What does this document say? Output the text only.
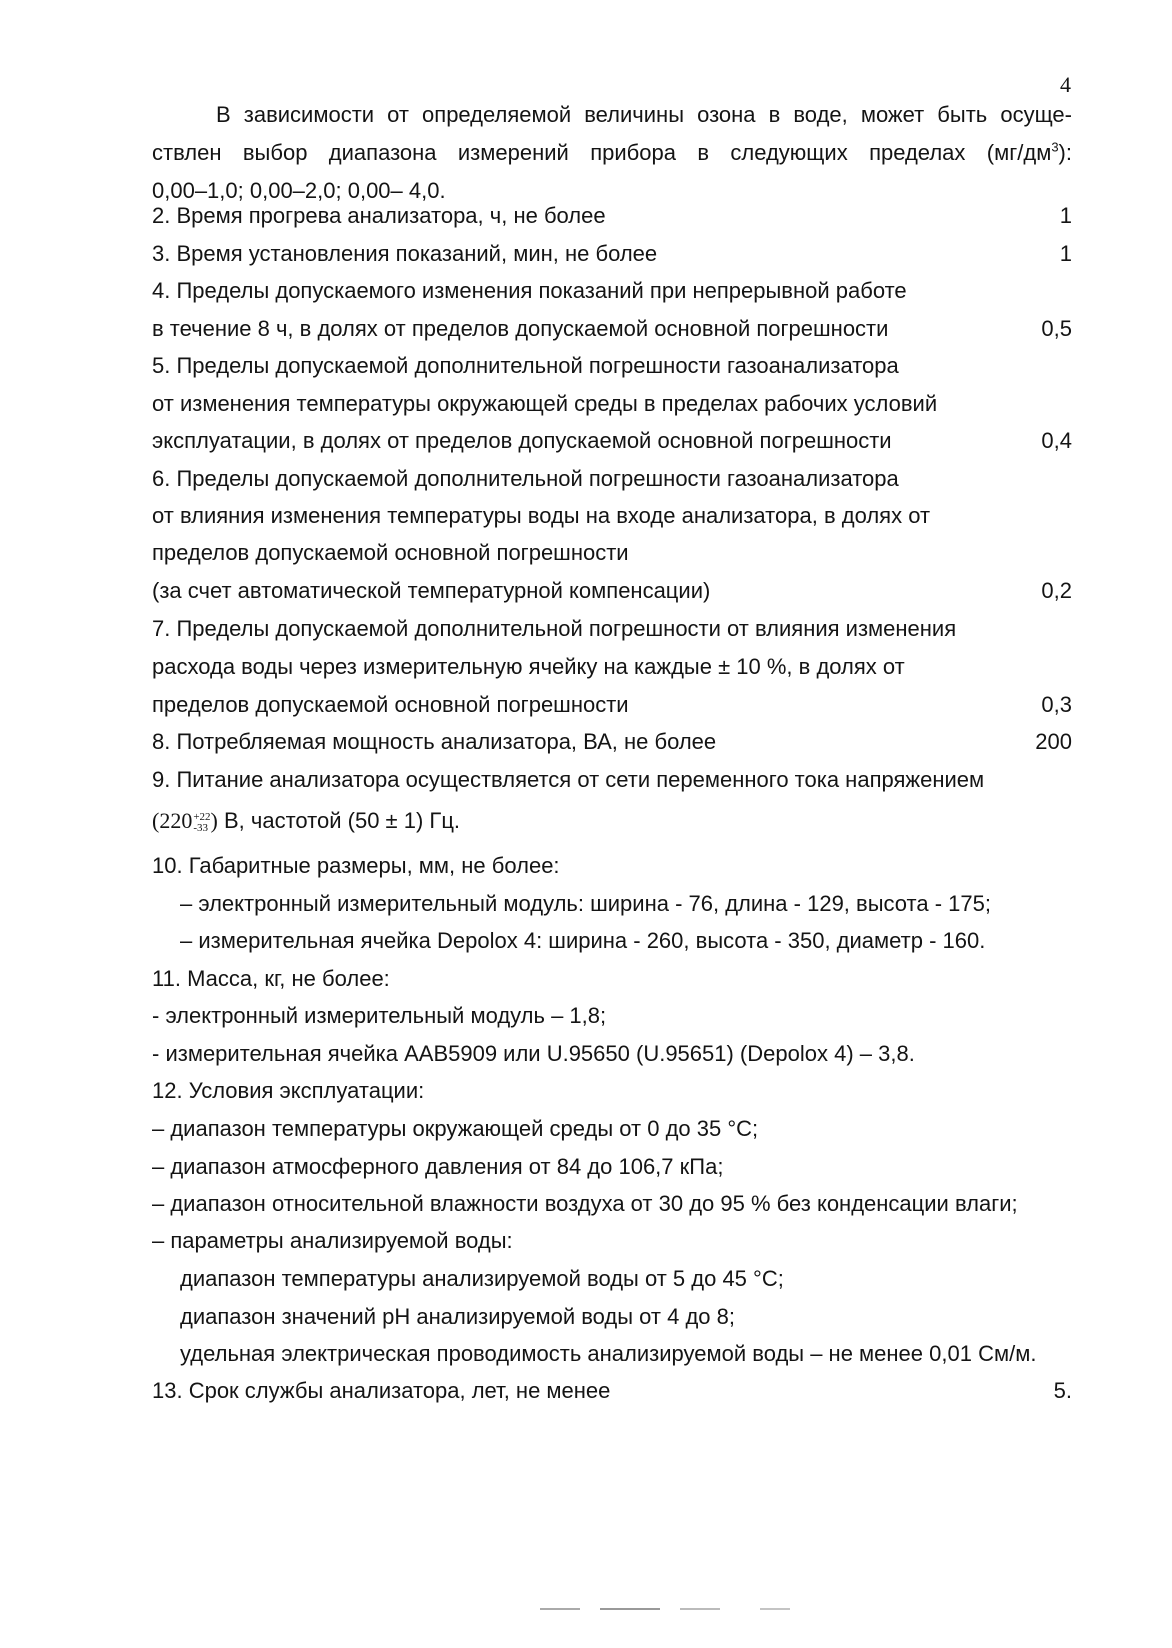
4

В зависимости от определяемой величины озона в воде, может быть осуще-

ствлен выбор диапазона измерений прибора в следующих пределах $(мг/дм^3)$:

0,00–1,0; 0,00–2,0; 0,00– 4,0.

2. Время прогрева анализатора, ч, не более	1
3. Время установления показаний, мин, не более	1
4. Пределы допускаемого изменения показаний при непрерывной работе
в течение 8 ч, в долях от пределов допускаемой основной погрешности	0,5
5. Пределы допускаемой дополнительной погрешности газоанализатора
от изменения температуры окружающей среды в пределах рабочих условий
эксплуатации, в долях от пределов допускаемой основной погрешности	0,4
6. Пределы допускаемой дополнительной погрешности газоанализатора
от влияния изменения температуры воды на входе анализатора, в долях от
пределов допускаемой основной погрешности
(за счет автоматической температурной компенсации)	0,2
7. Пределы допускаемой дополнительной погрешности от влияния изменения
расхода воды через измерительную ячейку на каждые ± 10 %, в долях от
пределов допускаемой основной погрешности	0,3
8. Потребляемая мощность анализатора, ВА, не более	200
9. Питание анализатора осуществляется от сети переменного тока напряжением
(220+22
-33 ) В, частотой (50 ± 1) Гц.
10. Габаритные размеры, мм, не более:
– электронный измерительный модуль: ширина - 76, длина - 129, высота - 175;
– измерительная ячейка Depolox 4: ширина - 260, высота - 350, диаметр - 160.
11. Масса, кг, не более:
- электронный измерительный модуль – 1,8;
- измерительная ячейка ААВ5909 или U.95650 (U.95651) (Depolox 4) – 3,8.
12. Условия эксплуатации:
– диапазон температуры окружающей среды от 0 до 35 °С;
– диапазон атмосферного давления от 84 до 106,7 кПа;
– диапазон относительной влажности воздуха от 30 до 95 % без конденсации влаги;
– параметры анализируемой воды:
диапазон температуры анализируемой воды от 5 до 45 °С;
диапазон значений pH анализируемой воды от 4 до 8;
удельная электрическая проводимость анализируемой воды – не менее 0,01 См/м.
13. Срок службы анализатора, лет, не менее	5.
